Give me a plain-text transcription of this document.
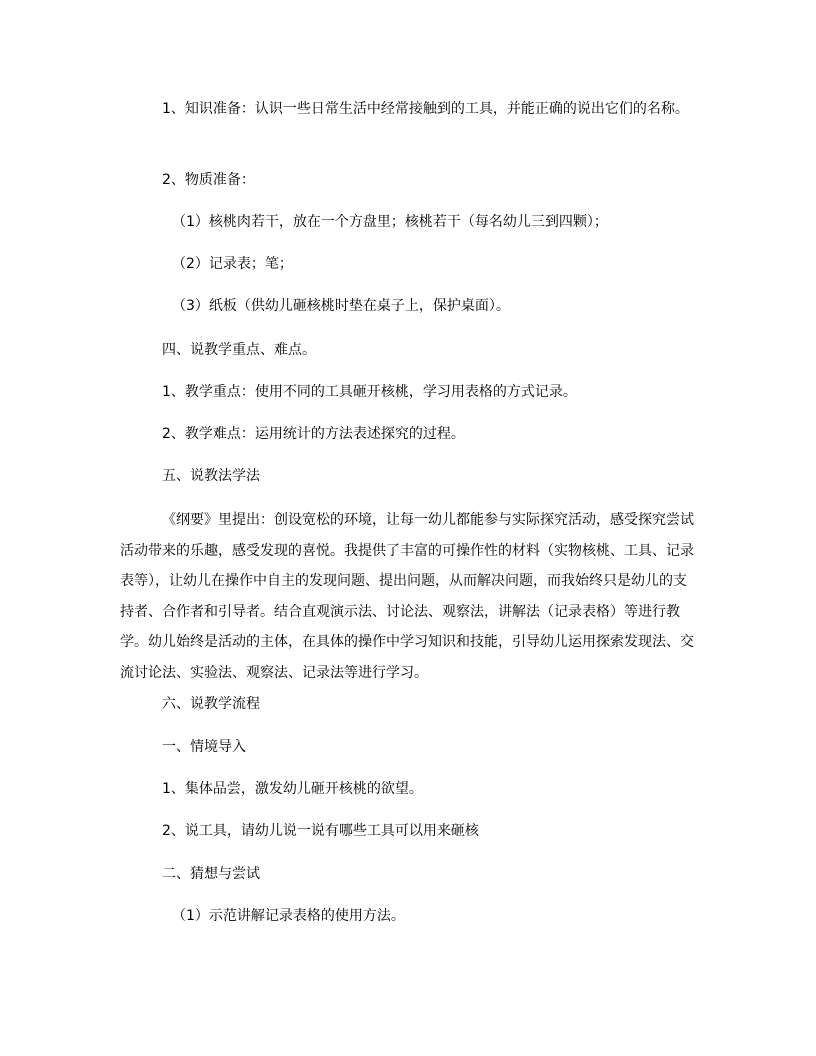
1、知识准备：认识一些日常生活中经常接触到的工具，并能正确的说出它们的名称。
2、物质准备：
（1）核桃肉若干，放在一个方盘里；核桃若干（每名幼儿三到四颗）；
（2）记录表；笔；
（3）纸板（供幼儿砸核桃时垫在桌子上，保护桌面）。
四、说教学重点、难点。
1、教学重点：使用不同的工具砸开核桃，学习用表格的方式记录。
2、教学难点：运用统计的方法表述探究的过程。
五、说教法学法
《纲要》里提出：创设宽松的环境，让每一幼儿都能参与实际探究活动，感受探究尝试活动带来的乐趣，感受发现的喜悦。我提供了丰富的可操作性的材料（实物核桃、工具、记录表等），让幼儿在操作中自主的发现问题、提出问题，从而解决问题，而我始终只是幼儿的支持者、合作者和引导者。结合直观演示法、讨论法、观察法，讲解法（记录表格）等进行教学。幼儿始终是活动的主体，在具体的操作中学习知识和技能，引导幼儿运用探索发现法、交流讨论法、实验法、观察法、记录法等进行学习。
六、说教学流程
一、情境导入
1、集体品尝，激发幼儿砸开核桃的欲望。
2、说工具，请幼儿说一说有哪些工具可以用来砸核
二、猜想与尝试
（1）示范讲解记录表格的使用方法。
